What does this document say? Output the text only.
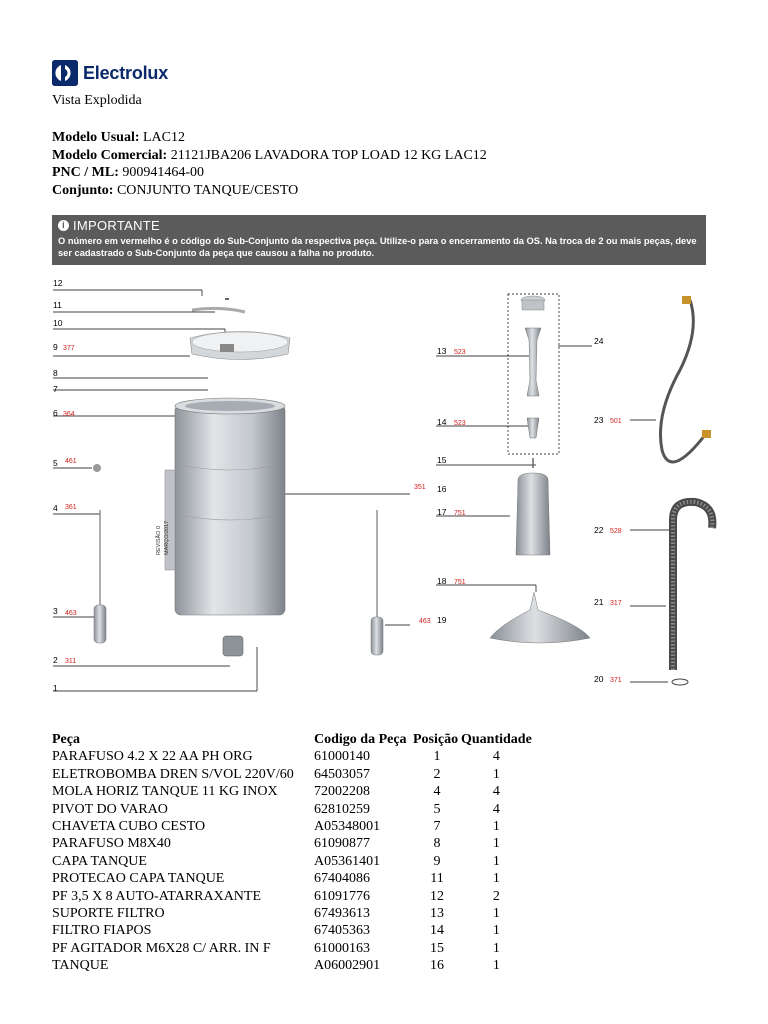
Electrolux
Vista Explodida
Modelo Usual: LAC12
Modelo Comercial: 21121JBA206 LAVADORA TOP LOAD 12 KG LAC12
PNC / ML: 900941464-00
Conjunto: CONJUNTO TANQUE/CESTO
i IMPORTANTE
O número em vermelho é o código do Sub-Conjunto da respectiva peça. Utilize-o para o encerramento da OS. Na troca de 2 ou mais peças, deve ser cadastrado o Sub-Conjunto da peça que causou a falha no produto.
12
11
10
9
8
7
6
5
4
3
2
1
13
14
15
16
17
18
19
24
23
22
21
20
377
364
461
361
463
311
523
523
351
751
751
463
501
528
317
371
REVISÃO 0 MARÇO/2017
Peça	Codigo da Peça	Posição	Quantidade
PARAFUSO 4.2 X 22 AA PH ORG	61000140	1	4
ELETROBOMBA DREN S/VOL 220V/60	64503057	2	1
MOLA HORIZ TANQUE 11 KG INOX	72002208	4	4
PIVOT DO VARAO	62810259	5	4
CHAVETA CUBO CESTO	A05348001	7	1
PARAFUSO M8X40	61090877	8	1
CAPA TANQUE	A05361401	9	1
PROTECAO CAPA TANQUE	67404086	11	1
PF 3,5 X 8 AUTO-ATARRAXANTE	61091776	12	2
SUPORTE FILTRO	67493613	13	1
FILTRO FIAPOS	67405363	14	1
PF AGITADOR M6X28 C/ ARR. IN F	61000163	15	1
TANQUE	A06002901	16	1
